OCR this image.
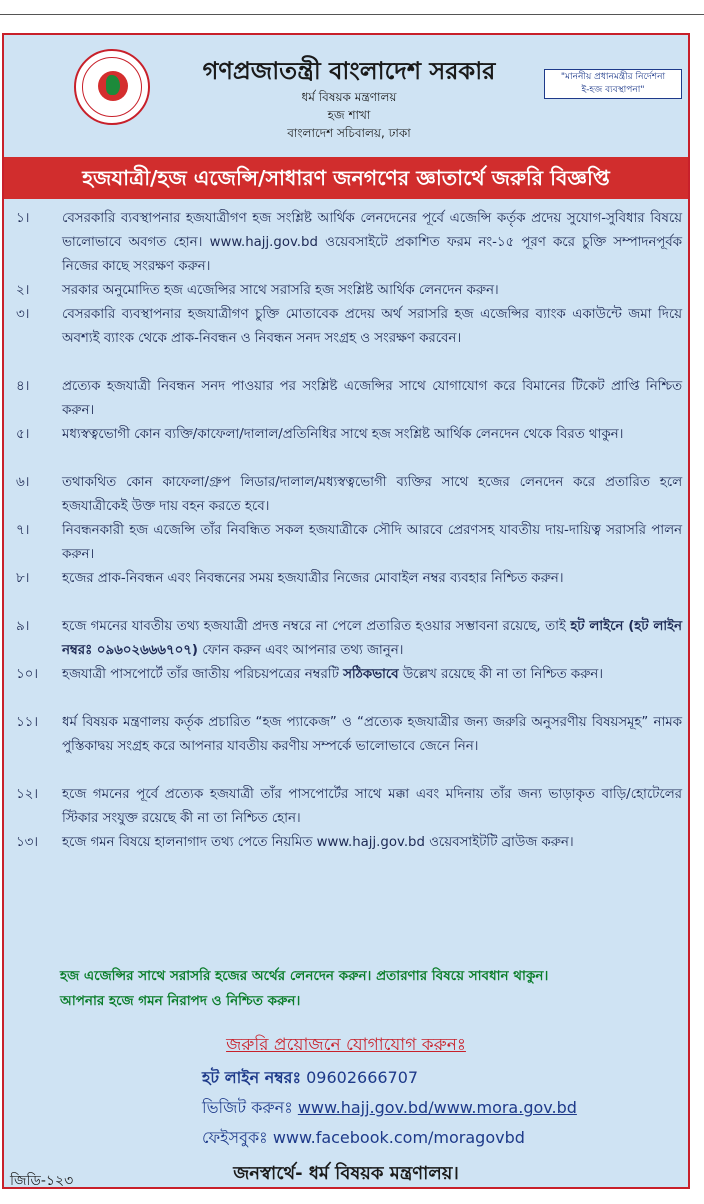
গণপ্রজাতন্ত্রী বাংলাদেশ সরকার
ধর্ম বিষয়ক মন্ত্রণালয়
হজ শাখা
বাংলাদেশ সচিবালয়, ঢাকা
"মাননীয় প্রধানমন্ত্রীর নির্দেশনা
ই-হজ ব্যবস্থাপনা"
হজযাত্রী/হজ এজেন্সি/সাধারণ জনগণের জ্ঞাতার্থে জরুরি বিজ্ঞপ্তি
১।	বেসরকারি ব্যবস্থাপনার হজযাত্রীগণ হজ সংশ্লিষ্ট আর্থিক লেনদেনের পূর্বে এজেন্সি কর্তৃক প্রদেয় সুযোগ-সুবিধার বিষয়ে ভালোভাবে অবগত হোন। www.hajj.gov.bd ওয়েবসাইটে প্রকাশিত ফরম নং-১৫ পূরণ করে চুক্তি সম্পাদনপূর্বক নিজের কাছে সংরক্ষণ করুন।
২।	সরকার অনুমোদিত হজ এজেন্সির সাথে সরাসরি হজ সংশ্লিষ্ট আর্থিক লেনদেন করুন।
৩।	বেসরকারি ব্যবস্থাপনার হজযাত্রীগণ চুক্তি মোতাবেক প্রদেয় অর্থ সরাসরি হজ এজেন্সির ব্যাংক একাউন্টে জমা দিয়ে অবশ্যই ব্যাংক থেকে প্রাক-নিবন্ধন ও নিবন্ধন সনদ সংগ্রহ ও সংরক্ষণ করবেন।
৪।	প্রত্যেক হজযাত্রী নিবন্ধন সনদ পাওয়ার পর সংশ্লিষ্ট এজেন্সির সাথে যোগাযোগ করে বিমানের টিকেট প্রাপ্তি নিশ্চিত করুন।
৫।	মধ্যস্বত্বভোগী কোন ব্যক্তি/কাফেলা/দালাল/প্রতিনিধির সাথে হজ সংশ্লিষ্ট আর্থিক লেনদেন থেকে বিরত থাকুন।
৬।	তথাকথিত কোন কাফেলা/গ্রুপ লিডার/দালাল/মধ্যস্বত্বভোগী ব্যক্তির সাথে হজের লেনদেন করে প্রতারিত হলে হজযাত্রীকেই উক্ত দায় বহন করতে হবে।
৭।	নিবন্ধনকারী হজ এজেন্সি তাঁর নিবন্ধিত সকল হজযাত্রীকে সৌদি আরবে প্রেরণসহ যাবতীয় দায়-দায়িত্ব সরাসরি পালন করুন।
৮।	হজের প্রাক-নিবন্ধন এবং নিবন্ধনের সময় হজযাত্রীর নিজের মোবাইল নম্বর ব্যবহার নিশ্চিত করুন।
৯।	হজে গমনের যাবতীয় তথ্য হজযাত্রী প্রদত্ত নম্বরে না পেলে প্রতারিত হওয়ার সম্ভাবনা রয়েছে, তাই হট লাইনে (হট লাইন নম্বরঃ ০৯৬০২৬৬৬৭০৭) ফোন করুন এবং আপনার তথ্য জানুন।
১০।	হজযাত্রী পাসপোর্টে তাঁর জাতীয় পরিচয়পত্রের নম্বরটি সঠিকভাবে উল্লেখ রয়েছে কী না তা নিশ্চিত করুন।
১১।	ধর্ম বিষয়ক মন্ত্রণালয় কর্তৃক প্রচারিত “হজ প্যাকেজ” ও “প্রত্যেক হজযাত্রীর জন্য জরুরি অনুসরণীয় বিষয়সমূহ” নামক পুস্তিকাদ্বয় সংগ্রহ করে আপনার যাবতীয় করণীয় সম্পর্কে ভালোভাবে জেনে নিন।
১২।	হজে গমনের পূর্বে প্রত্যেক হজযাত্রী তাঁর পাসপোর্টের সাথে মক্কা এবং মদিনায় তাঁর জন্য ভাড়াকৃত বাড়ি/হোটেলের স্টিকার সংযুক্ত রয়েছে কী না তা নিশ্চিত হোন।
১৩।	হজে গমন বিষয়ে হালনাগাদ তথ্য পেতে নিয়মিত www.hajj.gov.bd ওয়েবসাইটটি ব্রাউজ করুন।
হজ এজেন্সির সাথে সরাসরি হজের অর্থের লেনদেন করুন। প্রতারণার বিষয়ে সাবধান থাকুন।
আপনার হজে গমন নিরাপদ ও নিশ্চিত করুন।
জরুরি প্রয়োজনে যোগাযোগ করুনঃ
হট লাইন নম্বরঃ 09602666707
ভিজিট করুনঃ www.hajj.gov.bd/www.mora.gov.bd
ফেইসবুকঃ www.facebook.com/moragovbd
জিডি-১২৩	জনস্বার্থে- ধর্ম বিষয়ক মন্ত্রণালয়।
